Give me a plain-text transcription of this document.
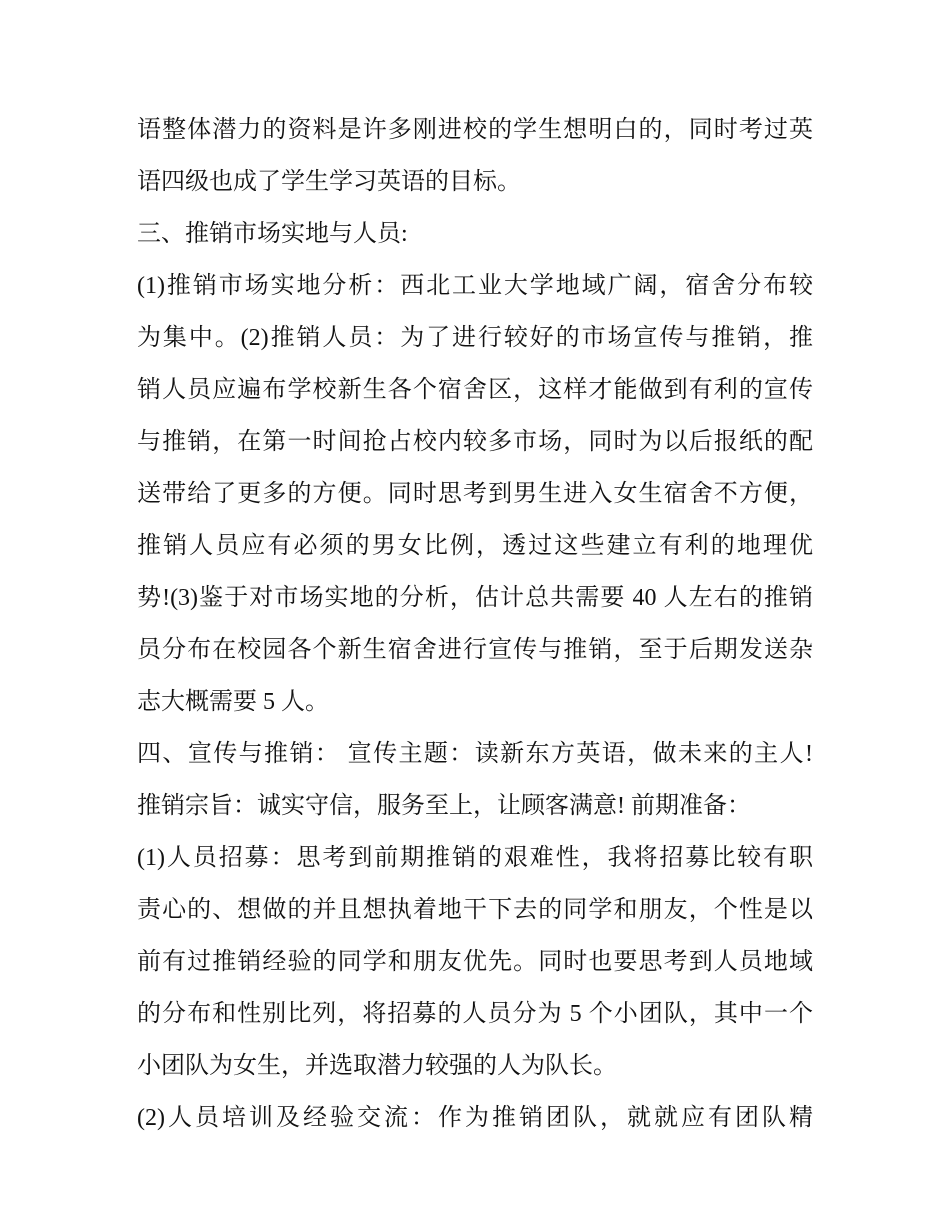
语整体潜力的资料是许多刚进校的学生想明白的，同时考过英
语四级也成了学生学习英语的目标。
三、推销市场实地与人员:
(1)推销市场实地分析：西北工业大学地域广阔，宿舍分布较
为集中。(2)推销人员：为了进行较好的市场宣传与推销，推
销人员应遍布学校新生各个宿舍区，这样才能做到有利的宣传
与推销，在第一时间抢占校内较多市场，同时为以后报纸的配
送带给了更多的方便。同时思考到男生进入女生宿舍不方便，
推销人员应有必须的男女比例，透过这些建立有利的地理优
势!(3)鉴于对市场实地的分析，估计总共需要 40 人左右的推销
员分布在校园各个新生宿舍进行宣传与推销，至于后期发送杂
志大概需要 5 人。
四、宣传与推销： 宣传主题：读新东方英语，做未来的主人!
推销宗旨：诚实守信，服务至上，让顾客满意! 前期准备：
(1)人员招募：思考到前期推销的艰难性，我将招募比较有职
责心的、想做的并且想执着地干下去的同学和朋友，个性是以
前有过推销经验的同学和朋友优先。同时也要思考到人员地域
的分布和性别比列，将招募的人员分为 5 个小团队，其中一个
小团队为女生，并选取潜力较强的人为队长。
(2)人员培训及经验交流：作为推销团队，就就应有团队精
